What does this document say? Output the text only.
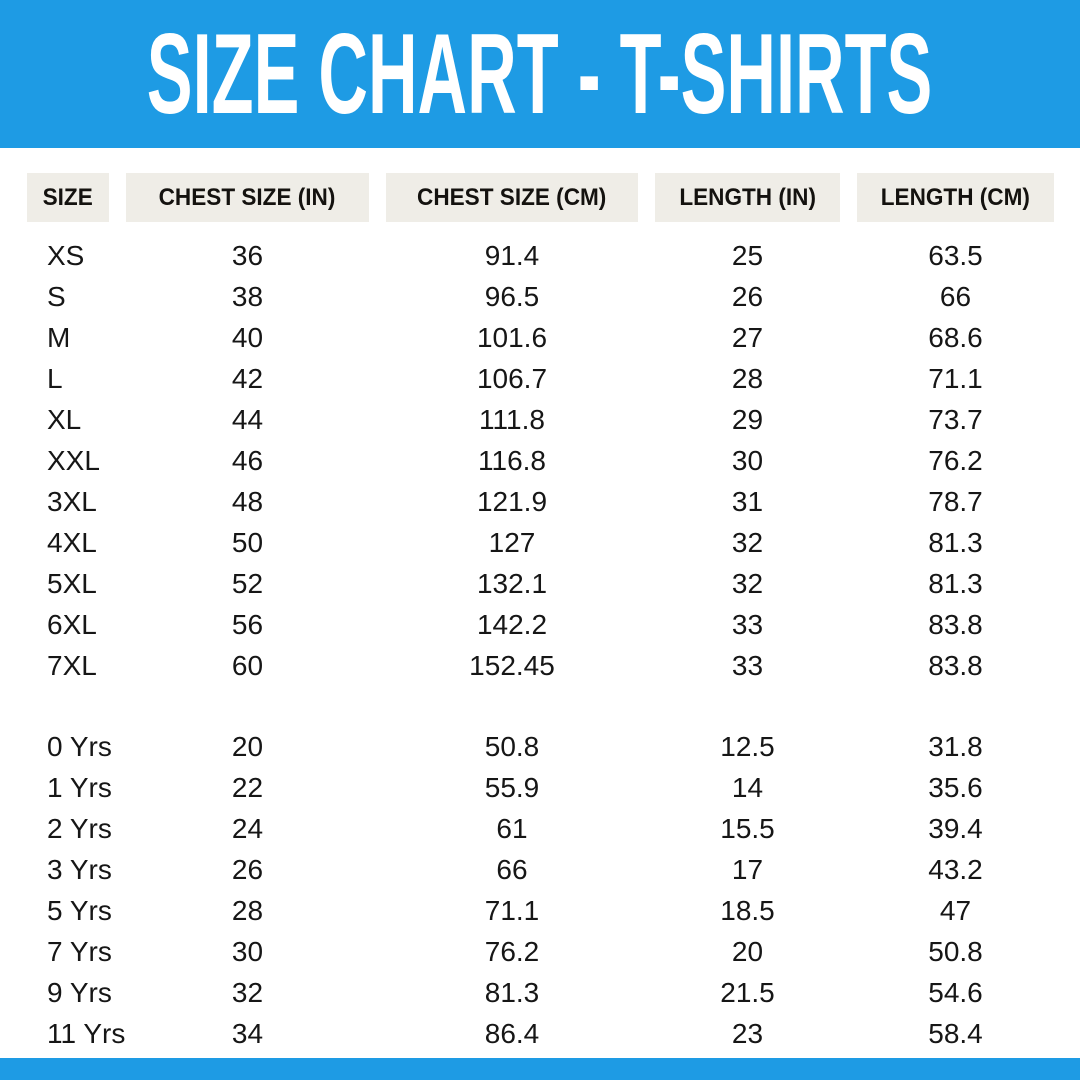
SIZE CHART - T-SHIRTS
SIZE	CHEST SIZE (IN)	CHEST SIZE (CM)	LENGTH (IN)	LENGTH (CM)
XS	36	91.4	25	63.5
S	38	96.5	26	66
M	40	101.6	27	68.6
L	42	106.7	28	71.1
XL	44	111.8	29	73.7
XXL	46	116.8	30	76.2
3XL	48	121.9	31	78.7
4XL	50	127	32	81.3
5XL	52	132.1	32	81.3
6XL	56	142.2	33	83.8
7XL	60	152.45	33	83.8
0 Yrs	20	50.8	12.5	31.8
1 Yrs	22	55.9	14	35.6
2 Yrs	24	61	15.5	39.4
3 Yrs	26	66	17	43.2
5 Yrs	28	71.1	18.5	47
7 Yrs	30	76.2	20	50.8
9 Yrs	32	81.3	21.5	54.6
11 Yrs	34	86.4	23	58.4
